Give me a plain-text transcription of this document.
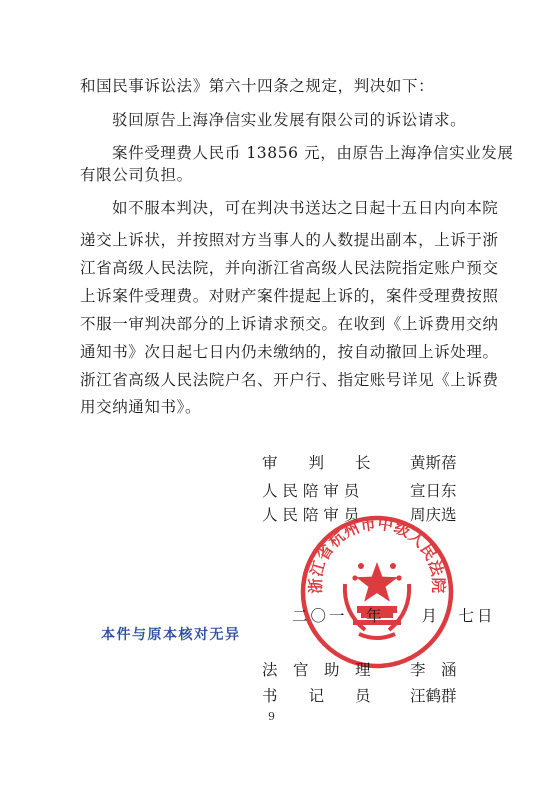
和国民事诉讼法》第六十四条之规定，判决如下：
驳回原告上海净信实业发展有限公司的诉讼请求。
案件受理费人民币 13856 元，由原告上海净信实业发展
有限公司负担。
如不服本判决，可在判决书送达之日起十五日内向本院
递交上诉状，并按照对方当事人的人数提出副本，上诉于浙
江省高级人民法院，并向浙江省高级人民法院指定账户预交
上诉案件受理费。对财产案件提起上诉的，案件受理费按照
不服一审判决部分的上诉请求预交。在收到《上诉费用交纳
通知书》次日起七日内仍未缴纳的，按自动撤回上诉处理。
浙江省高级人民法院户名、开户行、指定账号详见《上诉费
用交纳通知书》。
审　　判　　长	黄斯蓓
人 民 陪 审 员	宣日东
人 民 陪 审 员	周庆选
浙江省杭州市中级人民法院
二〇一　年　　月　七日
本件与原本核对无异
法　官　助　理	李　涵
书　　记　　员	汪鹤群
9
